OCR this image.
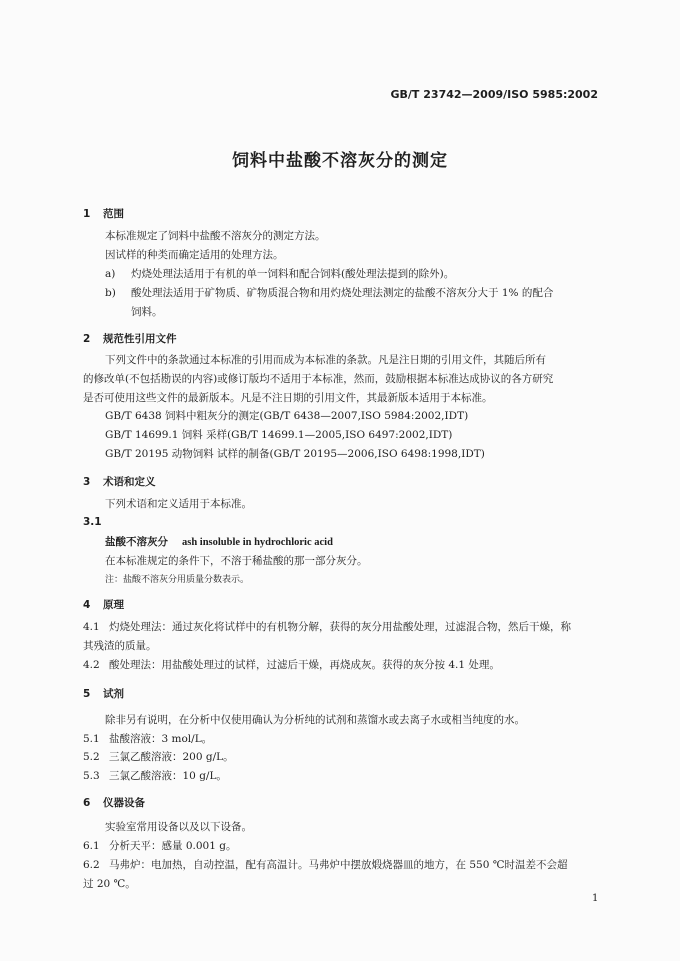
GB/T 23742—2009/ISO 5985:2002
饲料中盐酸不溶灰分的测定
1 范围
本标准规定了饲料中盐酸不溶灰分的测定方法。
因试样的种类而确定适用的处理方法。
a) 灼烧处理法适用于有机的单一饲料和配合饲料(酸处理法提到的除外)。
b) 酸处理法适用于矿物质、矿物质混合物和用灼烧处理法测定的盐酸不溶灰分大于 1% 的配合
饲料。
2 规范性引用文件
下列文件中的条款通过本标准的引用而成为本标准的条款。凡是注日期的引用文件，其随后所有
的修改单(不包括勘误的内容)或修订版均不适用于本标准，然而，鼓励根据本标准达成协议的各方研究
是否可使用这些文件的最新版本。凡是不注日期的引用文件，其最新版本适用于本标准。
GB/T 6438 饲料中粗灰分的测定(GB/T 6438—2007,ISO 5984:2002,IDT)
GB/T 14699.1 饲料 采样(GB/T 14699.1—2005,ISO 6497:2002,IDT)
GB/T 20195 动物饲料 试样的制备(GB/T 20195—2006,ISO 6498:1998,IDT)
3 术语和定义
下列术语和定义适用于本标准。
3.1
盐酸不溶灰分 ash insoluble in hydrochloric acid
在本标准规定的条件下，不溶于稀盐酸的那一部分灰分。
注：盐酸不溶灰分用质量分数表示。
4 原理
4.1 灼烧处理法：通过灰化将试样中的有机物分解，获得的灰分用盐酸处理，过滤混合物，然后干燥，称
其残渣的质量。
4.2 酸处理法：用盐酸处理过的试样，过滤后干燥，再烧成灰。获得的灰分按 4.1 处理。
5 试剂
除非另有说明，在分析中仅使用确认为分析纯的试剂和蒸馏水或去离子水或相当纯度的水。
5.1 盐酸溶液：3 mol/L。
5.2 三氯乙酸溶液：200 g/L。
5.3 三氯乙酸溶液：10 g/L。
6 仪器设备
实验室常用设备以及以下设备。
6.1 分析天平：感量 0.001 g。
6.2 马弗炉：电加热，自动控温，配有高温计。马弗炉中摆放煅烧器皿的地方，在 550 ℃时温差不会超
过 20 ℃。
1
